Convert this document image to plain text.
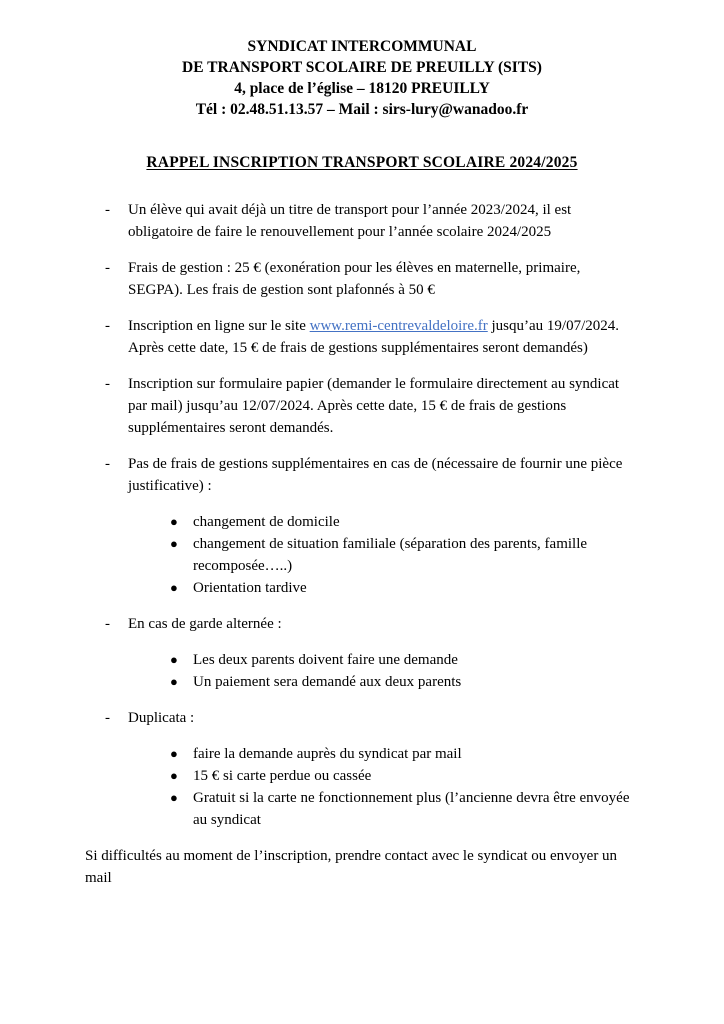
SYNDICAT INTERCOMMUNAL
DE TRANSPORT SCOLAIRE DE PREUILLY (SITS)
4, place de l’église – 18120 PREUILLY
Tél : 02.48.51.13.57 – Mail : sirs-lury@wanadoo.fr
RAPPEL INSCRIPTION TRANSPORT SCOLAIRE 2024/2025
-	Un élève qui avait déjà un titre de transport pour l’année 2023/2024, il est obligatoire de faire le renouvellement pour l’année scolaire 2024/2025
-	Frais de gestion : 25 € (exonération pour les élèves en maternelle, primaire, SEGPA). Les frais de gestion sont plafonnés à 50 €
-	Inscription en ligne sur le site www.remi-centrevaldeloire.fr jusqu’au 19/07/2024. Après cette date, 15 € de frais de gestions supplémentaires seront demandés)
-	Inscription sur formulaire papier (demander le formulaire directement au syndicat par mail) jusqu’au 12/07/2024. Après cette date, 15 € de frais de gestions supplémentaires seront demandés.
-	Pas de frais de gestions supplémentaires en cas de (nécessaire de fournir une pièce justificative) :
●	changement de domicile
●	changement de situation familiale (séparation des parents, famille recomposée…..)
●	Orientation tardive
-	En cas de garde alternée :
●	Les deux parents doivent faire une demande
●	Un paiement sera demandé aux deux parents
-	Duplicata :
●	faire la demande auprès du syndicat par mail
●	15 € si carte perdue ou cassée
●	Gratuit si la carte ne fonctionnement plus (l’ancienne devra être envoyée au syndicat
Si difficultés au moment de l’inscription, prendre contact avec le syndicat ou envoyer un mail
